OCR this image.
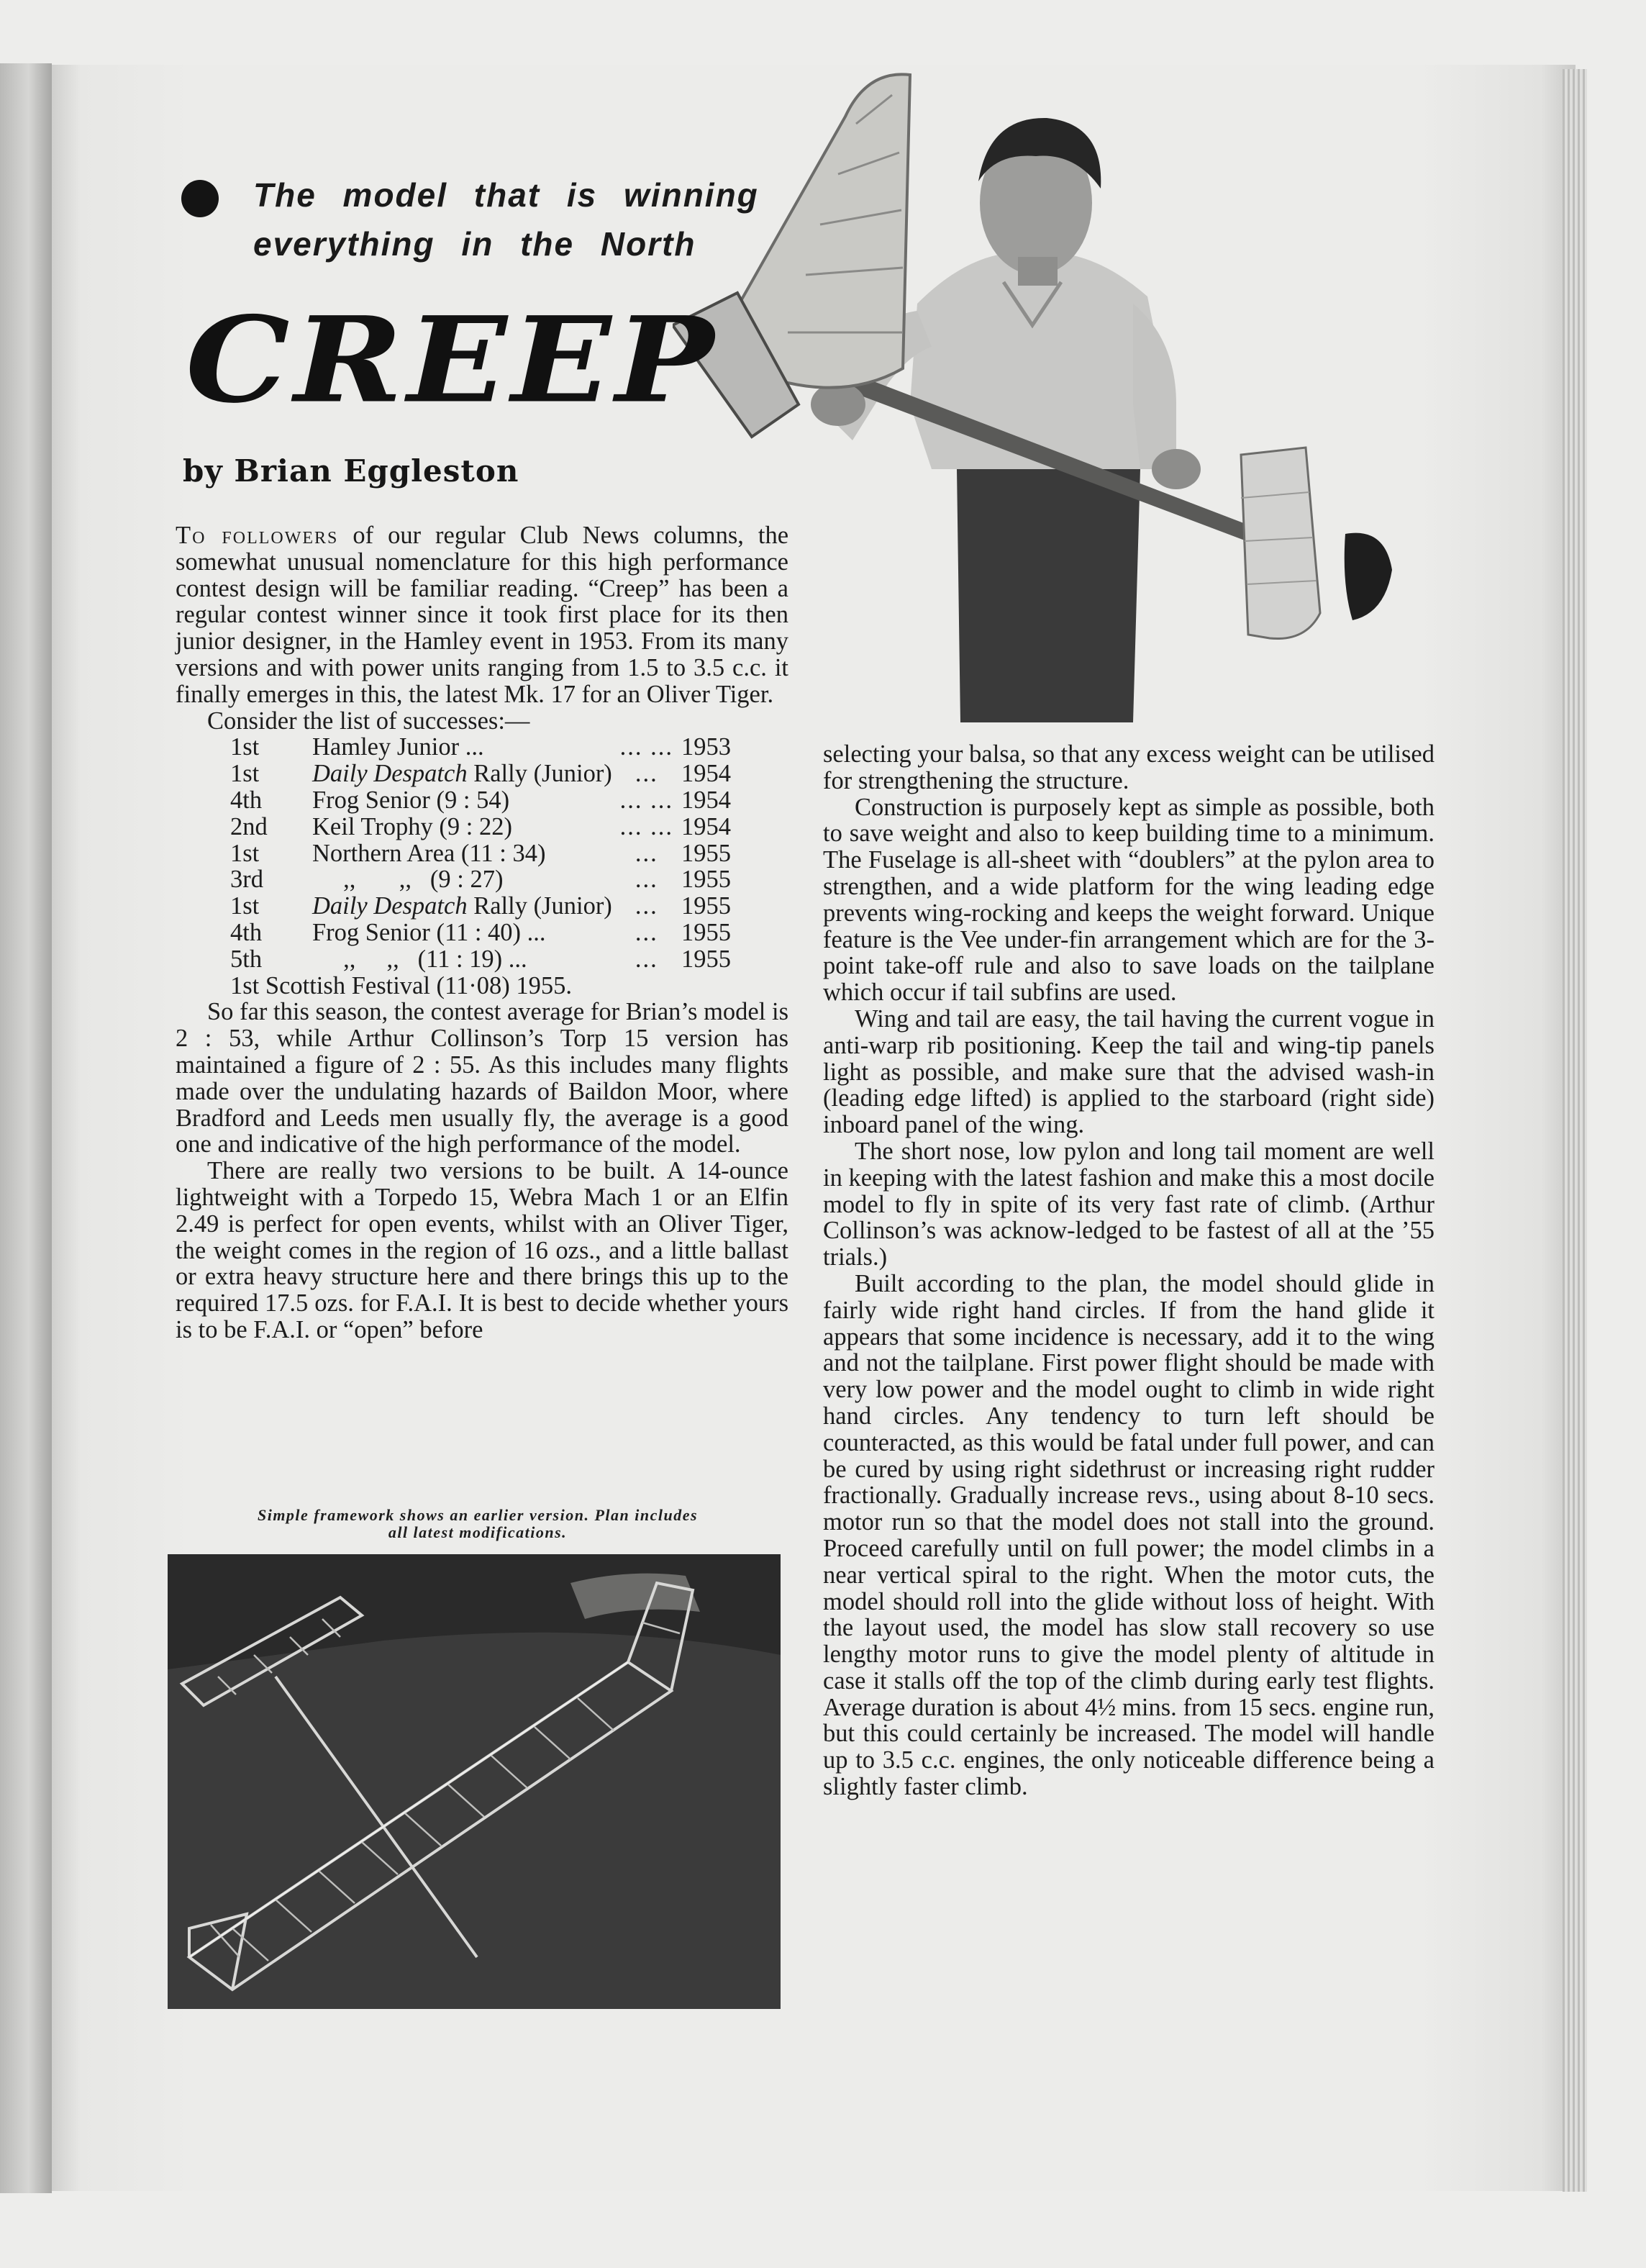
The model that is winning
everything in the North
CREEP
by Brian Eggleston

To followers of our regular Club News columns, the somewhat unusual nomenclature for this high performance contest design will be familiar reading. “Creep” has been a regular contest winner since it took first place for its then junior designer, in the Hamley event in 1953. From its many versions and with power units ranging from 1.5 to 3.5 c.c. it finally emerges in this, the latest Mk. 17 for an Oliver Tiger.

Consider the list of successes:—

1st	Hamley Junior ...	... ...	1953
1st	Daily Despatch Rally (Junior)	...	1954
4th	Frog Senior (9 : 54)	... ...	1954
2nd	Keil Trophy (9 : 22)	... ...	1954
1st	Northern Area (11 : 34)	...	1955
3rd	,,       ,,   (9 : 27)	...	1955
1st	Daily Despatch Rally (Junior)	...	1955
4th	Frog Senior (11 : 40) ...	...	1955
5th	,,     ,,   (11 : 19) ...	...	1955
1st Scottish Festival (11·08) 1955.

So far this season, the contest average for Brian’s model is 2 : 53, while Arthur Collinson’s Torp 15 version has maintained a figure of 2 : 55. As this includes many flights made over the undulating hazards of Baildon Moor, where Bradford and Leeds men usually fly, the average is a good one and indicative of the high performance of the model.

There are really two versions to be built. A 14-ounce lightweight with a Torpedo 15, Webra Mach 1 or an Elfin 2.49 is perfect for open events, whilst with an Oliver Tiger, the weight comes in the region of 16 ozs., and a little ballast or extra heavy structure here and there brings this up to the required 17.5 ozs. for F.A.I. It is best to decide whether yours is to be F.A.I. or “open” before

Simple framework shows an earlier version. Plan includes
all latest modifications.

selecting your balsa, so that any excess weight can be utilised for strengthening the structure.

Construction is purposely kept as simple as possible, both to save weight and also to keep building time to a minimum. The Fuselage is all-sheet with “doublers” at the pylon area to strengthen, and a wide platform for the wing leading edge prevents wing-rocking and keeps the weight forward. Unique feature is the Vee under-fin arrangement which are for the 3-point take-off rule and also to save loads on the tailplane which occur if tail subfins are used.

Wing and tail are easy, the tail having the current vogue in anti-warp rib positioning. Keep the tail and wing-tip panels light as possible, and make sure that the advised wash-in (leading edge lifted) is applied to the starboard (right side) inboard panel of the wing.

The short nose, low pylon and long tail moment are well in keeping with the latest fashion and make this a most docile model to fly in spite of its very fast rate of climb. (Arthur Collinson’s was acknow-ledged to be fastest of all at the ’55 trials.)

Built according to the plan, the model should glide in fairly wide right hand circles. If from the hand glide it appears that some incidence is necessary, add it to the wing and not the tailplane. First power flight should be made with very low power and the model ought to climb in wide right hand circles. Any tendency to turn left should be counteracted, as this would be fatal under full power, and can be cured by using right sidethrust or increasing right rudder fractionally. Gradually increase revs., using about 8-10 secs. motor run so that the model does not stall into the ground. Proceed carefully until on full power; the model climbs in a near vertical spiral to the right. When the motor cuts, the model should roll into the glide without loss of height. With the layout used, the model has slow stall recovery so use lengthy motor runs to give the model plenty of altitude in case it stalls off the top of the climb during early test flights. Average duration is about 4½ mins. from 15 secs. engine run, but this could certainly be increased. The model will handle up to 3.5 c.c. engines, the only noticeable difference being a slightly faster climb.
